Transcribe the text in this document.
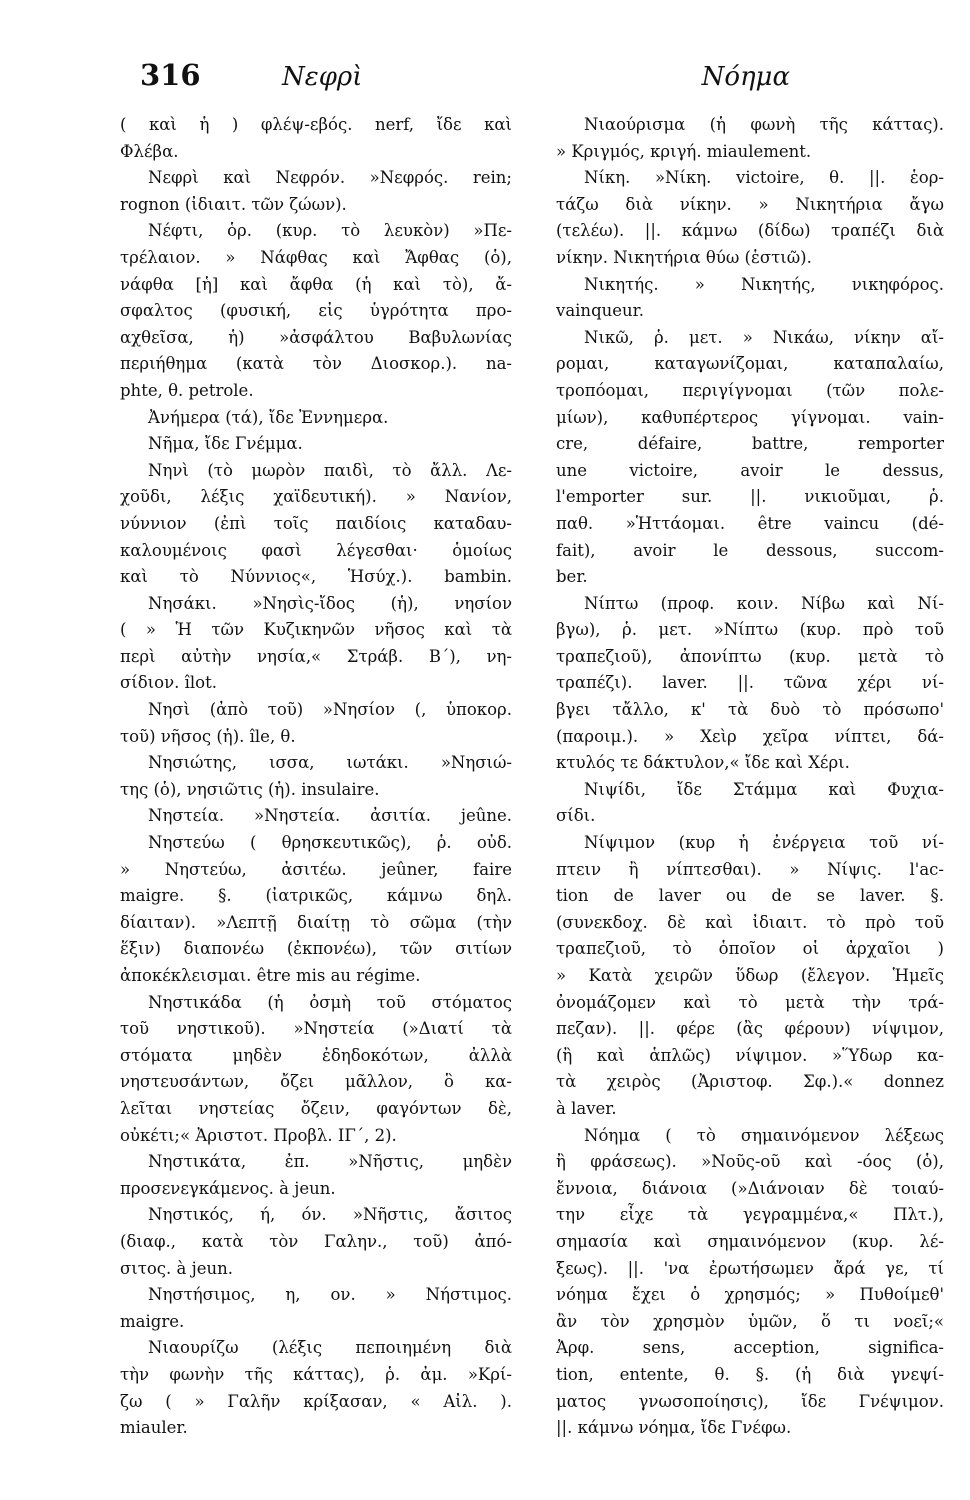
316	Νεφρὶ	Νόημα
( καὶ ἡ ) φλέψ-εβός. nerf, ἴδε καὶ
Φλέβα.
Νεφρὶ καὶ Νεφρόν. »Νεφρός. rein;
rognon (ἰδιαιτ. τῶν ζώων).
Νέφτι, ὁρ. (κυρ. τὸ λευκὸν) »Πε-
τρέλαιον. » Νάφθας καὶ Ἄφθας (ὁ),
νάφθα [ἡ] καὶ ἄφθα (ἡ καὶ τὸ), ἄ-
σφαλτος (φυσική, εἰς ὑγρότητα προ-
αχθεῖσα, ἡ) »ἀσφάλτου Βαβυλωνίας
περιήθημα (κατὰ τὸν Διοσκορ.). na-
phte, θ. petrole.
Ἀνήμερα (τά), ἴδε Ἐννημερα.
Νῆμα, ἴδε Γνέμμα.
Νηνὶ (τὸ μωρὸν παιδὶ, τὸ ἄλλ. Λε-
χοῦδι, λέξις χαϊδευτική). » Νανίον,
νύννιον (ἐπὶ τοῖς παιδίοις καταδαυ-
καλουμένοις φασὶ λέγεσθαι· ὁμοίως
καὶ τὸ Νύννιος«, Ἡσύχ.). bambin.
Νησάκι. »Νησὶς-ἴδος (ἡ), νησίον
( » Ἡ τῶν Κυζικηνῶν νῆσος καὶ τὰ
περὶ αὐτὴν νησία,« Στράβ. Β΄), νη-
σίδιον. îlot.
Νησὶ (ἀπὸ τοῦ) »Νησίον (, ὑποκορ.
τοῦ) νῆσος (ἡ). île, θ.
Νησιώτης, ισσα, ιωτάκι. »Νησιώ-
της (ὁ), νησιῶτις (ἡ). insulaire.
Νηστεία. »Νηστεία. ἀσιτία. jeûne.
Νηστεύω ( θρησκευτικῶς), ῥ. οὐδ.
» Νηστεύω, ἀσιτέω. jeûner, faire
maigre. §. (ἰατρικῶς, κάμνω δηλ.
δίαιταν). »Λεπτῇ διαίτῃ τὸ σῶμα (τὴν
ἕξιν) διαπονέω (ἐκπονέω), τῶν σιτίων
ἀποκέκλεισμαι. être mis au régime.
Νηστικάδα (ἡ ὀσμὴ τοῦ στόματος
τοῦ νηστικοῦ). »Νηστεία (»Διατί τὰ
στόματα μηδὲν ἐδηδοκότων, ἀλλὰ
νηστευσάντων, ὄζει μᾶλλον, ὃ κα-
λεῖται νηστείας ὄζειν, φαγόντων δὲ,
οὐκέτι;« Ἀριστοτ. Προβλ. ΙΓ΄, 2).
Νηστικάτα, ἐπ. »Νῆστις, μηδὲν
προσενεγκάμενος. à jeun.
Νηστικός, ή, όν. »Νῆστις, ἄσιτος
(διαφ., κατὰ τὸν Γαλην., τοῦ) ἀπό-
σιτος. à jeun.
Νηστήσιμος, η, ον. » Νήστιμος.
maigre.
Νιαουρίζω (λέξις πεποιημένη διὰ
τὴν φωνὴν τῆς κάττας), ῥ. ἀμ. »Κρί-
ζω ( » Γαλῆν κρίξασαν, « Αἰλ. ).
miauler.
Νιαούρισμα (ἡ φωνὴ τῆς κάττας).
» Κριγμός, κριγή. miaulement.
Νίκη. »Νίκη. victoire, θ. ||. ἑορ-
τάζω διὰ νίκην. » Νικητήρια ἄγω
(τελέω). ||. κάμνω (δίδω) τραπέζι διὰ
νίκην. Νικητήρια θύω (ἑστιῶ).
Νικητής. » Νικητής, νικηφόρος.
vainqueur.
Νικῶ, ῥ. μετ. » Νικάω, νίκην αἴ-
ρομαι, καταγωνίζομαι, καταπαλαίω,
τροπόομαι, περιγίγνομαι (τῶν πολε-
μίων), καθυπέρτερος γίγνομαι. vain-
cre, défaire, battre, remporter
une victoire, avoir le dessus,
l'emporter sur. ||. νικιοῦμαι, ῥ.
παθ. »Ἡττάομαι. être vaincu (dé-
fait), avoir le dessous, succom-
ber.
Νίπτω (προφ. κοιν. Νίβω καὶ Νί-
βγω), ῥ. μετ. »Νίπτω (κυρ. πρὸ τοῦ
τραπεζιοῦ), ἀπονίπτω (κυρ. μετὰ τὸ
τραπέζι). laver. ||. τῶνα χέρι νί-
βγει τἄλλο, κ' τὰ δυὸ τὸ πρόσωπο'
(παροιμ.). » Χεὶρ χεῖρα νίπτει, δά-
κτυλός τε δάκτυλον,« ἴδε καὶ Χέρι.
Νιψίδι, ἴδε Στάμμα καὶ Φυχια-
σίδι.
Νίψιμον (κυρ ἡ ἐνέργεια τοῦ νί-
πτειν ἢ νίπτεσθαι). » Νίψις. l'ac-
tion de laver ou de se laver. §.
(συνεκδοχ. δὲ καὶ ἰδιαιτ. τὸ πρὸ τοῦ
τραπεζιοῦ, τὸ ὁποῖον οἱ ἀρχαῖοι )
» Κατὰ χειρῶν ὕδωρ (ἔλεγον. Ἡμεῖς
ὀνομάζομεν καὶ τὸ μετὰ τὴν τρά-
πεζαν). ||. φέρε (ἂς φέρουν) νίψιμον,
(ἢ καὶ ἁπλῶς) νίψιμον. »Ὕδωρ κα-
τὰ χειρὸς (Ἀριστοφ. Σφ.).« donnez
à laver.
Νόημα ( τὸ σημαινόμενον λέξεως
ἢ φράσεως). »Νοῦς-οῦ καὶ -όος (ὁ),
ἔννοια, διάνοια (»Διάνοιαν δὲ τοιαύ-
την εἶχε τὰ γεγραμμένα,« Πλτ.),
σημασία καὶ σημαινόμενον (κυρ. λέ-
ξεως). ||. 'να ἐρωτήσωμεν ἄρά γε, τί
νόημα ἔχει ὁ χρησμός; » Πυθοίμεθ'
ἂν τὸν χρησμὸν ὑμῶν, ὅ τι νοεῖ;«
Ἀρφ. sens, acception, significa-
tion, entente, θ. §. (ἡ διὰ γνεψί-
ματος γνωσοποίησις), ἴδε Γνέψιμον.
||. κάμνω νόημα, ἴδε Γνέφω.
